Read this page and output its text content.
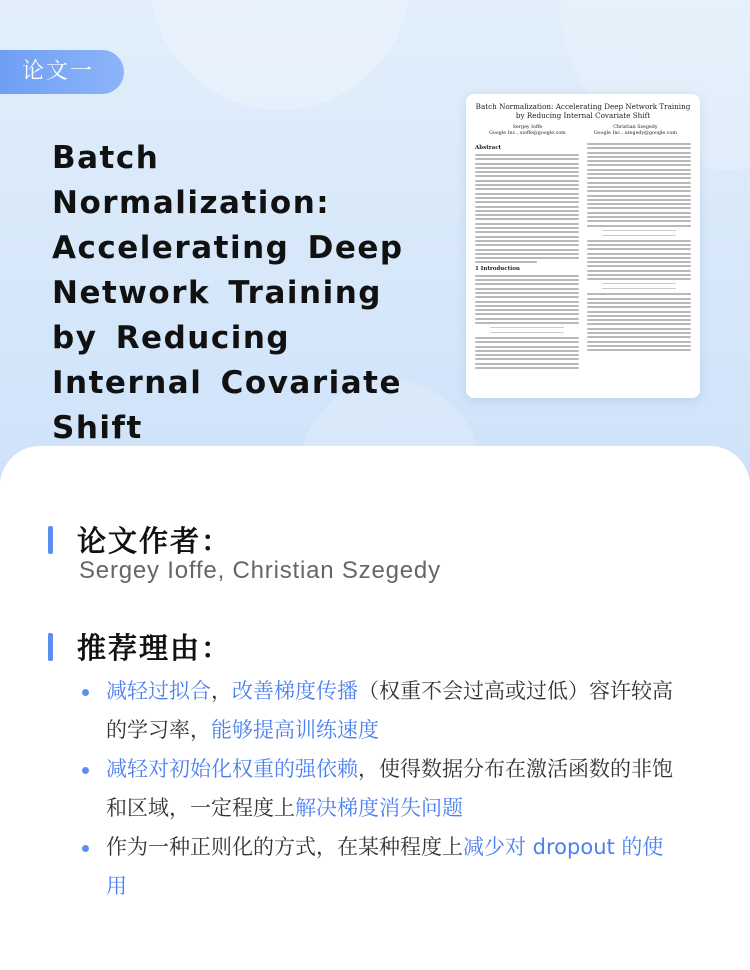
论文一
Batch Normalization: Accelerating Deep Network Training by Reducing Internal Covariate Shift
Batch Normalization: Accelerating Deep Network Training by Reducing Internal Covariate Shift
Sergey Ioffe
Google Inc., sioffe@google.com
Christian Szegedy
Google Inc., szegedy@google.com
Abstract
1 Introduction
论文作者：
Sergey Ioffe, Christian Szegedy
推荐理由：

减轻过拟合，改善梯度传播（权重不会过高或过低）容许较高的学习率，能够提高训练速度

减轻对初始化权重的强依赖，使得数据分布在激活函数的非饱和区域，一定程度上解决梯度消失问题

作为一种正则化的方式，在某种程度上减少对 dropout 的使用
